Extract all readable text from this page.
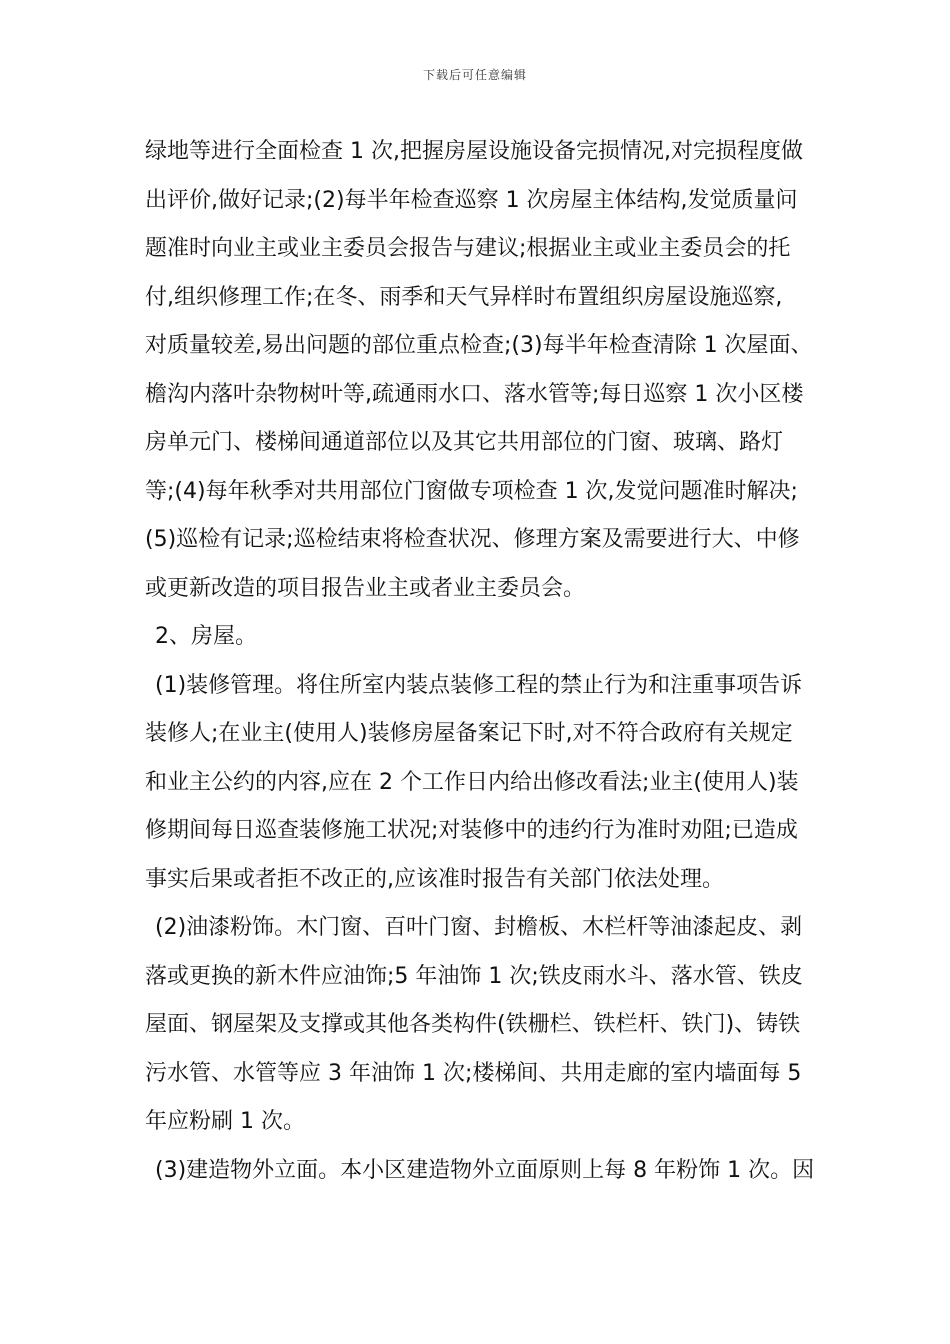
下载后可任意编辑
绿地等进行全面检查 1 次,把握房屋设施设备完损情况,对完损程度做
出评价,做好记录;(2)每半年检查巡察 1 次房屋主体结构,发觉质量问
题准时向业主或业主委员会报告与建议;根据业主或业主委员会的托
付,组织修理工作;在冬、雨季和天气异样时布置组织房屋设施巡察,
对质量较差,易出问题的部位重点检查;(3)每半年检查清除 1 次屋面、
檐沟内落叶杂物树叶等,疏通雨水口、落水管等;每日巡察 1 次小区楼
房单元门、楼梯间通道部位以及其它共用部位的门窗、玻璃、路灯
等;(4)每年秋季对共用部位门窗做专项检查 1 次,发觉问题准时解决;
(5)巡检有记录;巡检结束将检查状况、修理方案及需要进行大、中修
或更新改造的项目报告业主或者业主委员会。
2、房屋。
(1)装修管理。将住所室内装点装修工程的禁止行为和注重事项告诉
装修人;在业主(使用人)装修房屋备案记下时,对不符合政府有关规定
和业主公约的内容,应在 2 个工作日内给出修改看法;业主(使用人)装
修期间每日巡查装修施工状况;对装修中的违约行为准时劝阻;已造成
事实后果或者拒不改正的,应该准时报告有关部门依法处理。
(2)油漆粉饰。木门窗、百叶门窗、封檐板、木栏杆等油漆起皮、剥
落或更换的新木件应油饰;5 年油饰 1 次;铁皮雨水斗、落水管、铁皮
屋面、钢屋架及支撑或其他各类构件(铁栅栏、铁栏杆、铁门)、铸铁
污水管、水管等应 3 年油饰 1 次;楼梯间、共用走廊的室内墙面每 5
年应粉刷 1 次。
(3)建造物外立面。本小区建造物外立面原则上每 8 年粉饰 1 次。因
